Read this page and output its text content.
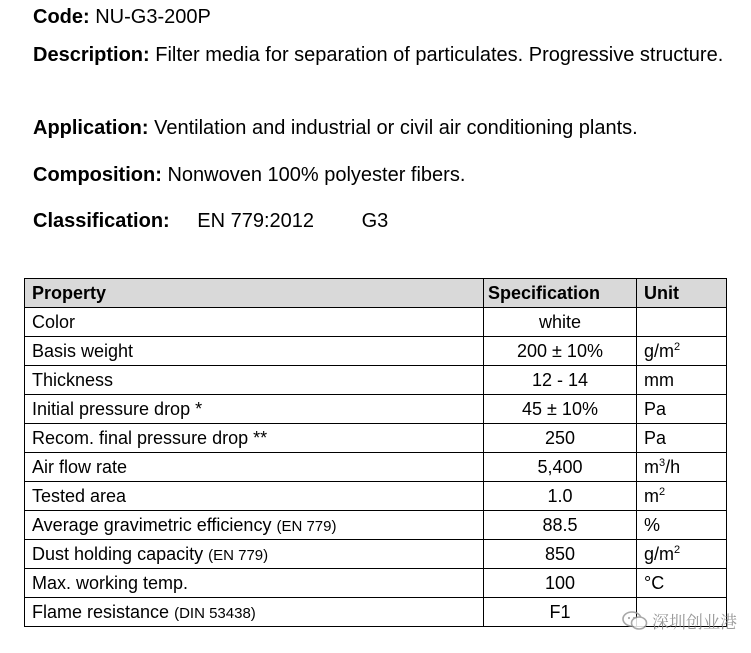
Code: NU-G3-200P
Description: Filter media for separation of particulates. Progressive structure.
Application: Ventilation and industrial or civil air conditioning plants.
Composition: Nonwoven 100% polyester fibers.
Classification: EN 779:2012 G3
Property	Specification	Unit
Color	white	
Basis weight	200 ± 10%	$g/m^2$
Thickness	12 - 14	mm
Initial pressure drop *	45 ± 10%	Pa
Recom. final pressure drop **	250	Pa
Air flow rate	5,400	$m^3/h$
Tested area	1.0	$m^2$
Average gravimetric efficiency (EN 779)	88.5	%
Dust holding capacity (EN 779)	850	$g/m^2$
Max. working temp.	100	°C
Flame resistance (DIN 53438)	F1	
深圳创业港
